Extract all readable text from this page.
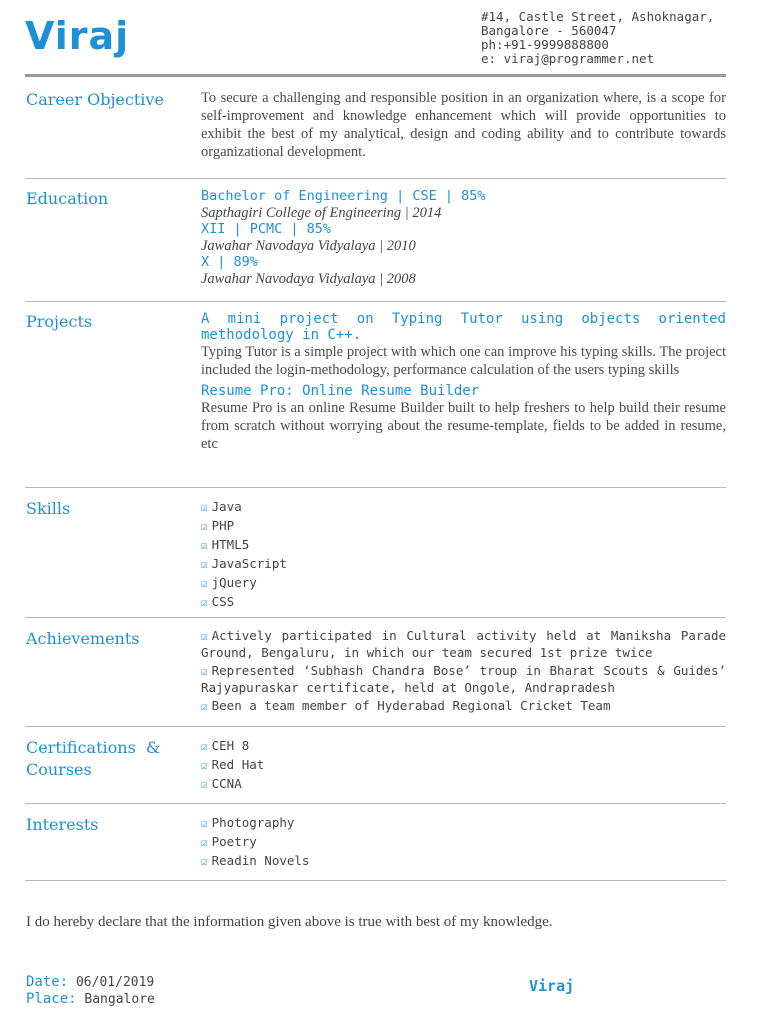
Viraj	#14, Castle Street, Ashoknagar,
Bangalore - 560047
ph:+91-9999888800
e: viraj@programmer.net
Career Objective	To secure a challenging and responsible position in an organization where, is a scope for self-improvement and knowledge enhancement which will provide opportunities to exhibit the best of my analytical, design and coding ability and to contribute towards organizational development.

Education	Bachelor of Engineering | CSE | 85%
Sapthagiri College of Engineering | 2014
XII | PCMC | 85%
Jawahar Navodaya Vidyalaya | 2010
X | 89%
Jawahar Navodaya Vidyalaya | 2008
Projects	A mini project on Typing Tutor using objects oriented methodology in C++.

Typing Tutor is a simple project with which one can improve his typing skills. The project included the login-methodology, performance calculation of the users typing skills

Resume Pro: Online Resume Builder

Resume Pro is an online Resume Builder built to help freshers to help build their resume from scratch without worrying about the resume-template, fields to be added in resume, etc

Skills	☑ Java
☑ PHP
☑ HTML5
☑ JavaScript
☑ jQuery
☑ CSS
Achievements	☑ Actively participated in Cultural activity held at Maniksha Parade Ground, Bengaluru, in which our team secured 1st prize twice
☑ Represented ‘Subhash Chandra Bose’ troup in Bharat Scouts & Guides’ Rajyapuraskar certificate, held at Ongole, Andrapradesh
☑ Been a team member of Hyderabad Regional Cricket Team
Certifications  &
Courses
☑ CEH 8
☑ Red Hat
☑ CCNA
Interests	☑ Photography
☑ Poetry
☑ Readin Novels
I do hereby declare that the information given above is true with best of my knowledge.
Date: 06/01/2019
Place: Bangalore
Viraj
